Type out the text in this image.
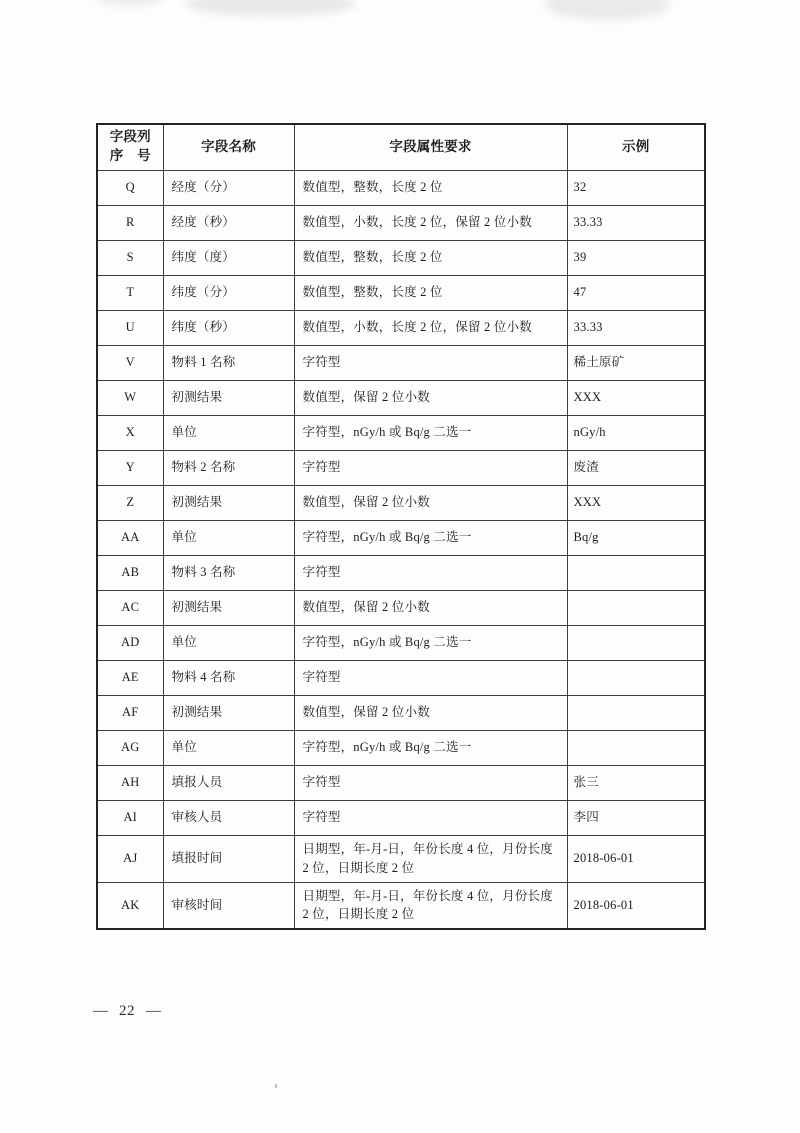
字段列
序　号	字段名称	字段属性要求	示例
Q	经度（分）	数值型，整数，长度 2 位	32
R	经度（秒）	数值型，小数，长度 2 位，保留 2 位小数	33.33
S	纬度（度）	数值型，整数，长度 2 位	39
T	纬度（分）	数值型，整数，长度 2 位	47
U	纬度（秒）	数值型，小数，长度 2 位，保留 2 位小数	33.33
V	物料 1 名称	字符型	稀土原矿
W	初测结果	数值型，保留 2 位小数	XXX
X	单位	字符型，nGy/h 或 Bq/g 二选一	nGy/h
Y	物料 2 名称	字符型	废渣
Z	初测结果	数值型，保留 2 位小数	XXX
AA	单位	字符型，nGy/h 或 Bq/g 二选一	Bq/g
AB	物料 3 名称	字符型	
AC	初测结果	数值型，保留 2 位小数	
AD	单位	字符型，nGy/h 或 Bq/g 二选一	
AE	物料 4 名称	字符型	
AF	初测结果	数值型，保留 2 位小数	
AG	单位	字符型，nGy/h 或 Bq/g 二选一	
AH	填报人员	字符型	张三
AI	审核人员	字符型	李四
AJ	填报时间	日期型，年-月-日，年份长度 4 位，月份长度 2 位，日期长度 2 位	2018-06-01
AK	审核时间	日期型，年-月-日，年份长度 4 位，月份长度 2 位，日期长度 2 位	2018-06-01
— 22 —
